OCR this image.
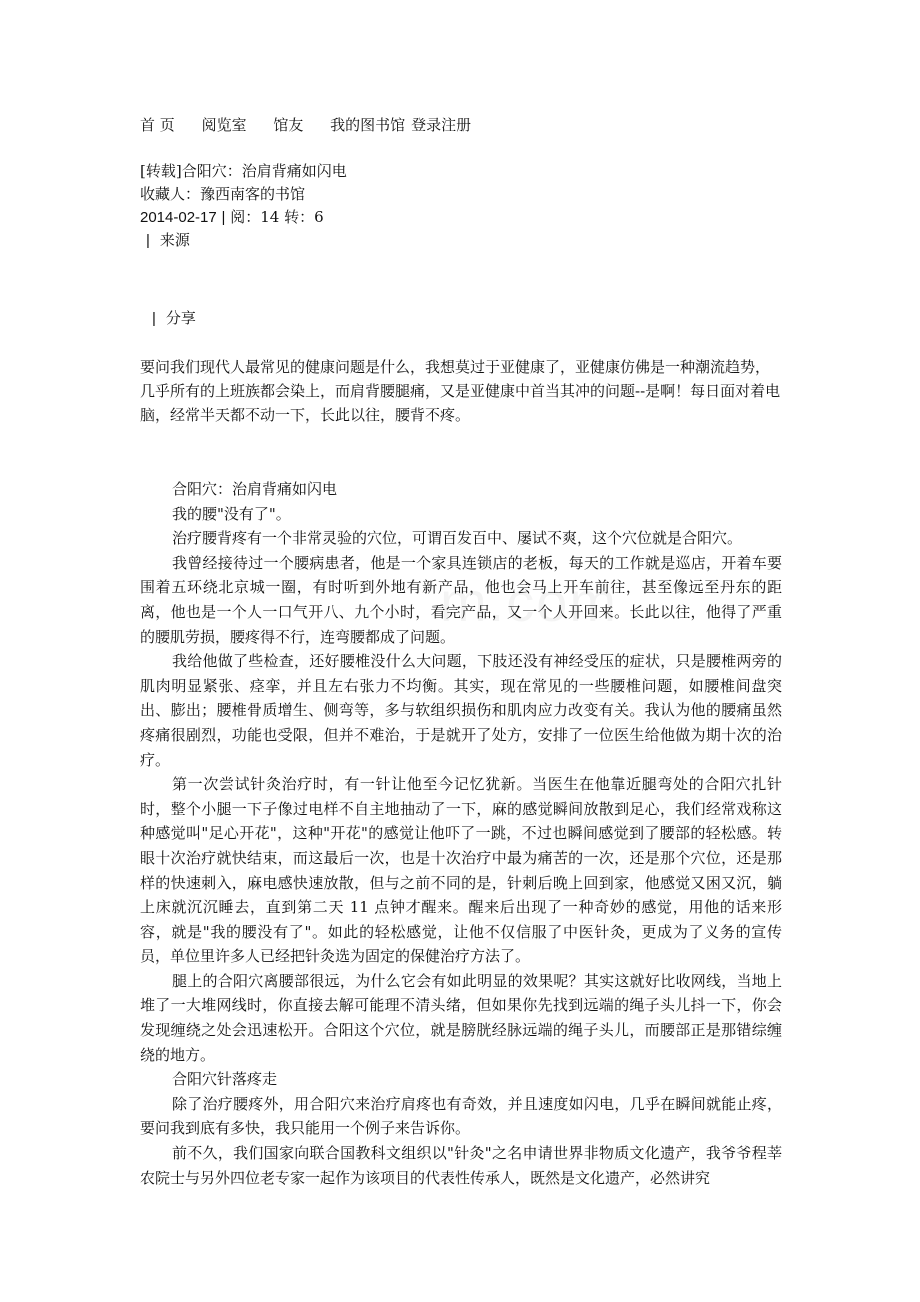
首 页 阅览室 馆友 我的图书馆 登录注册
[转载]合阳穴：治肩背痛如闪电
收藏人：豫西南客的书馆
2014-02-17 | 阅：14 转：6
| 来源
| 分享
要问我们现代人最常见的健康问题是什么，我想莫过于亚健康了，亚健康仿佛是一种潮流趋势，几乎所有的上班族都会染上，而肩背腰腿痛，又是亚健康中首当其冲的问题--是啊！每日面对着电脑，经常半天都不动一下，长此以往，腰背不疼。

合阳穴：治肩背痛如闪电

我的腰"没有了"。

治疗腰背疼有一个非常灵验的穴位，可谓百发百中、屡试不爽，这个穴位就是合阳穴。

我曾经接待过一个腰病患者，他是一个家具连锁店的老板，每天的工作就是巡店，开着车要围着五环绕北京城一圈，有时听到外地有新产品，他也会马上开车前往，甚至像远至丹东的距离，他也是一个人一口气开八、九个小时，看完产品，又一个人开回来。长此以往，他得了严重的腰肌劳损，腰疼得不行，连弯腰都成了问题。

我给他做了些检查，还好腰椎没什么大问题，下肢还没有神经受压的症状，只是腰椎两旁的肌肉明显紧张、痉挛，并且左右张力不均衡。其实，现在常见的一些腰椎问题，如腰椎间盘突出、膨出；腰椎骨质增生、侧弯等，多与软组织损伤和肌肉应力改变有关。我认为他的腰痛虽然疼痛很剧烈，功能也受限，但并不难治，于是就开了处方，安排了一位医生给他做为期十次的治疗。

第一次尝试针灸治疗时，有一针让他至今记忆犹新。当医生在他靠近腿弯处的合阳穴扎针时，整个小腿一下子像过电样不自主地抽动了一下，麻的感觉瞬间放散到足心，我们经常戏称这种感觉叫"足心开花"，这种"开花"的感觉让他吓了一跳，不过也瞬间感觉到了腰部的轻松感。转眼十次治疗就快结束，而这最后一次，也是十次治疗中最为痛苦的一次，还是那个穴位，还是那样的快速刺入，麻电感快速放散，但与之前不同的是，针刺后晚上回到家，他感觉又困又沉，躺上床就沉沉睡去，直到第二天 11 点钟才醒来。醒来后出现了一种奇妙的感觉，用他的话来形容，就是"我的腰没有了"。如此的轻松感觉，让他不仅信服了中医针灸，更成为了义务的宣传员，单位里许多人已经把针灸选为固定的保健治疗方法了。

腿上的合阳穴离腰部很远，为什么它会有如此明显的效果呢？其实这就好比收网线，当地上堆了一大堆网线时，你直接去解可能理不清头绪，但如果你先找到远端的绳子头儿抖一下，你会发现缠绕之处会迅速松开。合阳这个穴位，就是膀胱经脉远端的绳子头儿，而腰部正是那错综缠绕的地方。

合阳穴针落疼走

除了治疗腰疼外，用合阳穴来治疗肩疼也有奇效，并且速度如闪电，几乎在瞬间就能止疼，要问我到底有多快，我只能用一个例子来告诉你。

前不久，我们国家向联合国教科文组织以"针灸"之名申请世界非物质文化遗产，我爷爷程莘农院士与另外四位老专家一起作为该项目的代表性传承人，既然是文化遗产，必然讲究
